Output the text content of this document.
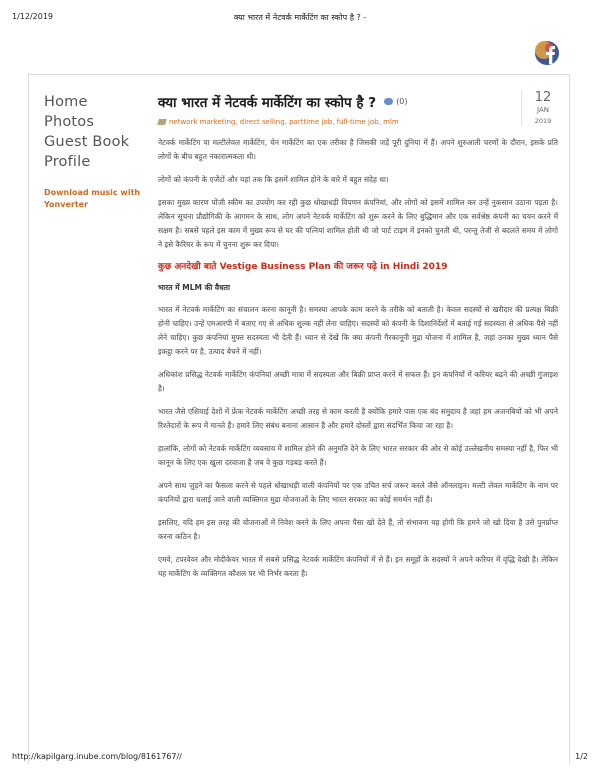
1/12/2019	क्या भारत में नेटवर्क मार्केटिंग का स्कोप है ? -
Home
Photos
Guest Book
Profile
Download music with Yonverter
क्या भारत में नेटवर्क मार्केटिंग का स्कोप है ?	(0)	12
JAN
2019
network marketing, direct selling, parttime job, full-time job, mlm

नेटवर्क मार्केटिंग या मल्टीलेवल मार्केटिंग, चेन मार्केटिंग का एक तरीका है जिसकी जड़ें पूरी दुनिया में हैं। अपने शुरुआती चरणों के दौरान, इसके प्रति लोगों के बीच बहुत नकारात्मकता थी।

लोगों को कंपनी के एजेंटों और यहां तक कि इसमें शामिल होने के बारे में बहुत संदेह था।

इसका मुख्य कारण पोंजी स्कीम का उपयोग कर रही कुछ धोखाधड़ी विपणन कंपनियां, और लोगों को इसमें शामिल कर उन्हें नुकसान उठाना पड़ता है। लेकिन सूचना प्रौद्योगिकी के आगमन के साथ, लोग अपने नेटवर्क मार्केटिंग को शुरू करने के लिए बुद्धिमान और एक सर्वश्रेष्ठ कंपनी का चयन करने में सक्षम है। सबसे पहले इस काम में मुख्य रूप से घर की पत्नियां शामिल होती थी जो पार्ट टाइम में इनको चुनती थी, परन्तु तेजी से बदलते समय में लोगो ने इसे कैरियर के रूप में चुनना शुरू कर दिया।

कुछ अनदेखी बाते Vestige Business Plan की जरूर पढ़े in Hindi 2019
भारत में MLM की वैधता

भारत में नेटवर्क मार्केटिंग का संचालन करना कानूनी है। समस्या आपके काम करने के तरीके को बताती है। केवल सदस्यों से खरीदार की प्रत्यक्ष बिक्री होनी चाहिए। उन्हें एमआरपी में बताए गए से अधिक शुल्क नहीं लेना चाहिए। सदस्यों को कंपनी के दिशानिर्देशों में बताई गई सदस्यता से अधिक पैसे नहीं लेने चाहिए। कुछ कंपनियां मुफ्त सदस्यता भी देती हैं। ध्यान से देखें कि क्या कंपनी गैरकानूनी मुद्रा योजना में शामिल है, जहां उनका मुख्य ध्यान पैसे इकट्ठा करने पर है, उत्पाद बेचने में नहीं।

अधिकांश प्रसिद्ध नेटवर्क मार्केटिंग कंपनियां अच्छी मात्रा में सदस्यता और बिक्री प्राप्त करने में सफल हैं। इन कंपनियों में करियर बढ़ने की अच्छी गुंजाइश है।

भारत जैसे एशियाई देशों में फ्रेंक नेटवर्क मार्केटिंग अच्छी तरह से काम करती है क्योंकि हमारे पास एक बंद समुदाय है जहां हम अजनबियों को भी अपने रिश्तेदारों के रूप में मानते हैं। हमारे लिए संबंध बनाना आसान है और हमारे दोस्तों द्वारा संदर्भित किया जा रहा है।

हालांकि, लोगों को नेटवर्क मार्केटिंग व्यवसाय में शामिल होने की अनुमति देने के लिए भारत सरकार की ओर से कोई उल्लेखनीय समस्या नहीं है, फिर भी कानून के लिए एक खुला दरवाजा है जब वे कुछ गड़बड़ करते हैं।

अपने साथ जुड़ने का फैसला करने से पहले धोखाधड़ी वाली कंपनियों पर एक उचित सर्च जरूर करले जैसे ऑनलाइन। मल्टी लेवल मार्केटिंग के नाम पर कंपनियों द्वारा चलाई जाने वाली व्यक्तिगत मुद्रा योजनाओं के लिए भारत सरकार का कोई समर्थन नहीं है।

इसलिए, यदि हम इस तरह की योजनाओं में निवेश करने के लिए अपना पैसा खो देते हैं, तो संभावना यह होगी कि हमने जो खो दिया है उसे पुनर्प्राप्त करना कठिन है।

एमवे, टपरवेयर और मोदीकेयर भारत में सबसे प्रसिद्ध नेटवर्क मार्केटिंग कंपनियों में से हैं। इन समूहों के सदस्यों ने अपने करियर में वृद्धि देखी है। लेकिन यह मार्केटिंग के व्यक्तिगत कौशल पर भी निर्भर करता है।

http://kapilgarg.inube.com/blog/8161767//	1/2
